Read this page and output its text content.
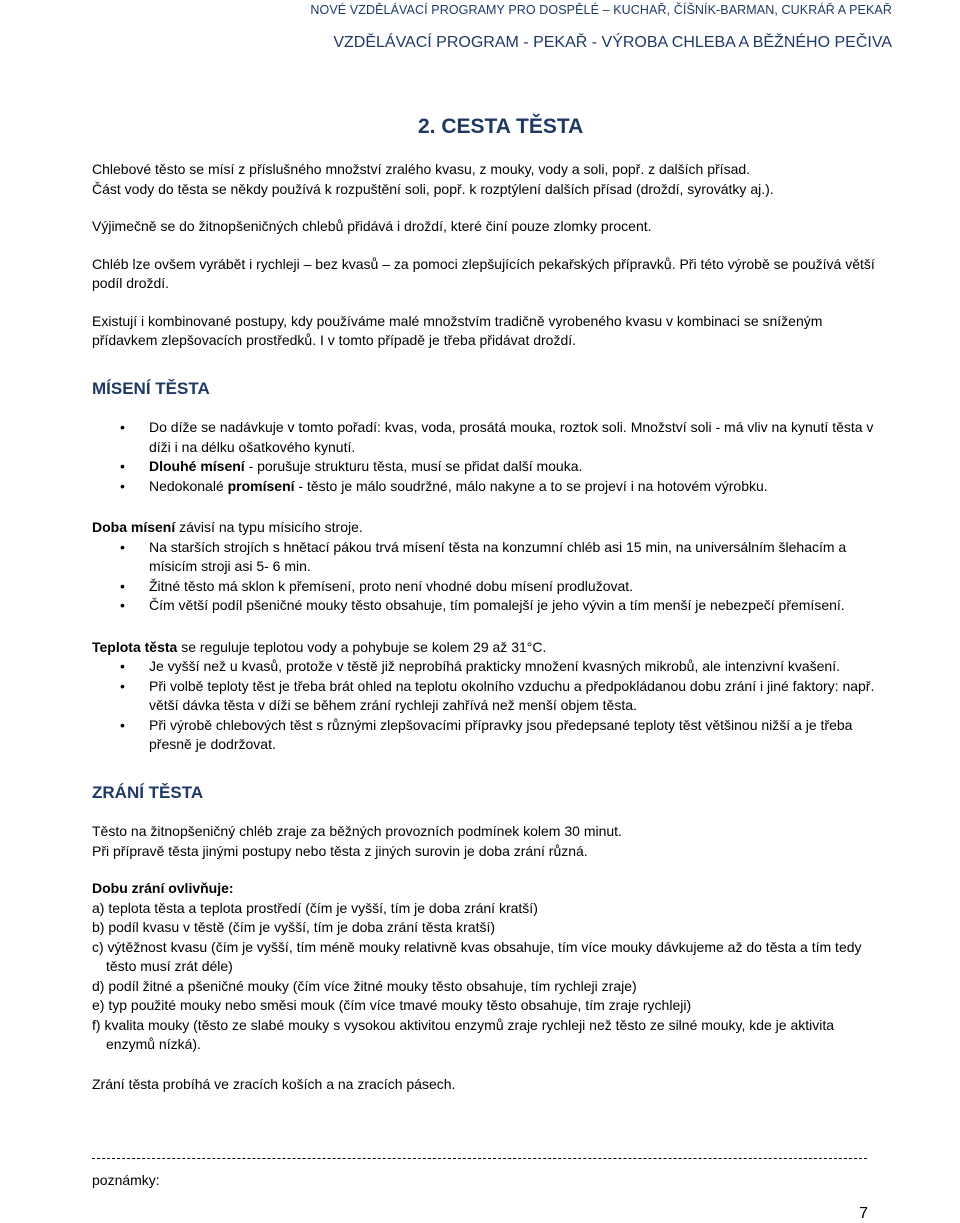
NOVÉ VZDĚLÁVACÍ PROGRAMY PRO DOSPĚLÉ – KUCHAŘ, ČÍŠNÍK-BARMAN, CUKRÁŘ A PEKAŘ
VZDĚLÁVACÍ PROGRAM - PEKAŘ - VÝROBA CHLEBA A BĚŽNÉHO PEČIVA
2. CESTA TĚSTA

Chlebové těsto se mísí z příslušného množství zralého kvasu, z mouky, vody a soli, popř. z dalších přísad.

Část vody do těsta se někdy používá k rozpuštění soli, popř. k rozptýlení dalších přísad (droždí, syrovátky aj.).

Výjimečně se do žitnopšeničných chlebů přidává i droždí, které činí pouze zlomky procent.

Chléb lze ovšem vyrábět i rychleji – bez kvasů – za pomoci zlepšujících pekařských přípravků. Při této výrobě se používá větší podíl droždí.

Existují i kombinované postupy, kdy používáme malé množstvím tradičně vyrobeného kvasu v kombinaci se sníženým přídavkem zlepšovacích prostředků. I v tomto případě je třeba přidávat droždí.

MÍSENÍ TĚSTA
• Do díže se nadávkuje v tomto pořadí: kvas, voda, prosátá mouka, roztok soli. Množství soli - má vliv na kynutí těsta v díži i na délku ošatkového kynutí.
• Dlouhé mísení - porušuje strukturu těsta, musí se přidat další mouka.
• Nedokonalé promísení - těsto je málo soudržné, málo nakyne a to se projeví i na hotovém výrobku.

Doba mísení závisí na typu mísicího stroje.

• Na starších strojích s hnětací pákou trvá mísení těsta na konzumní chléb asi 15 min, na universálním šlehacím a mísicím stroji asi 5- 6 min.
• Žitné těsto má sklon k přemísení, proto není vhodné dobu mísení prodlužovat.
• Čím větší podíl pšeničné mouky těsto obsahuje, tím pomalejší je jeho vývin a tím menší je nebezpečí přemísení.

Teplota těsta se reguluje teplotou vody a pohybuje se kolem 29 až 31°C.

• Je vyšší než u kvasů, protože v těstě již neprobíhá prakticky množení kvasných mikrobů, ale intenzivní kvašení.
• Při volbě teploty těst je třeba brát ohled na teplotu okolního vzduchu a předpokládanou dobu zrání i jiné faktory: např. větší dávka těsta v díži se během zrání rychleji zahřívá než menší objem těsta.
• Při výrobě chlebových těst s různými zlepšovacími přípravky jsou předepsané teploty těst většinou nižší a je třeba přesně je dodržovat.
ZRÁNÍ TĚSTA

Těsto na žitnopšeničný chléb zraje za běžných provozních podmínek kolem 30 minut.

Při přípravě těsta jinými postupy nebo těsta z jiných surovin je doba zrání různá.

Dobu zrání ovlivňuje:

a) teplota těsta a teplota prostředí (čím je vyšší, tím je doba zrání kratší)

b) podíl kvasu v těstě (čím je vyšší, tím je doba zrání těsta kratší)

c) výtěžnost kvasu (čím je vyšší, tím méně mouky relativně kvas obsahuje, tím více mouky dávkujeme až do těsta a tím tedy těsto musí zrát déle)

d) podíl žitné a pšeničné mouky (čím více žitné mouky těsto obsahuje, tím rychleji zraje)

e) typ použité mouky nebo směsi mouk (čím více tmavé mouky těsto obsahuje, tím zraje rychleji)

f) kvalita mouky (těsto ze slabé mouky s vysokou aktivitou enzymů zraje rychleji než těsto ze silné mouky, kde je aktivita enzymů nízká).

Zrání těsta probíhá ve zracích koších a na zracích pásech.

poznámky:
7
